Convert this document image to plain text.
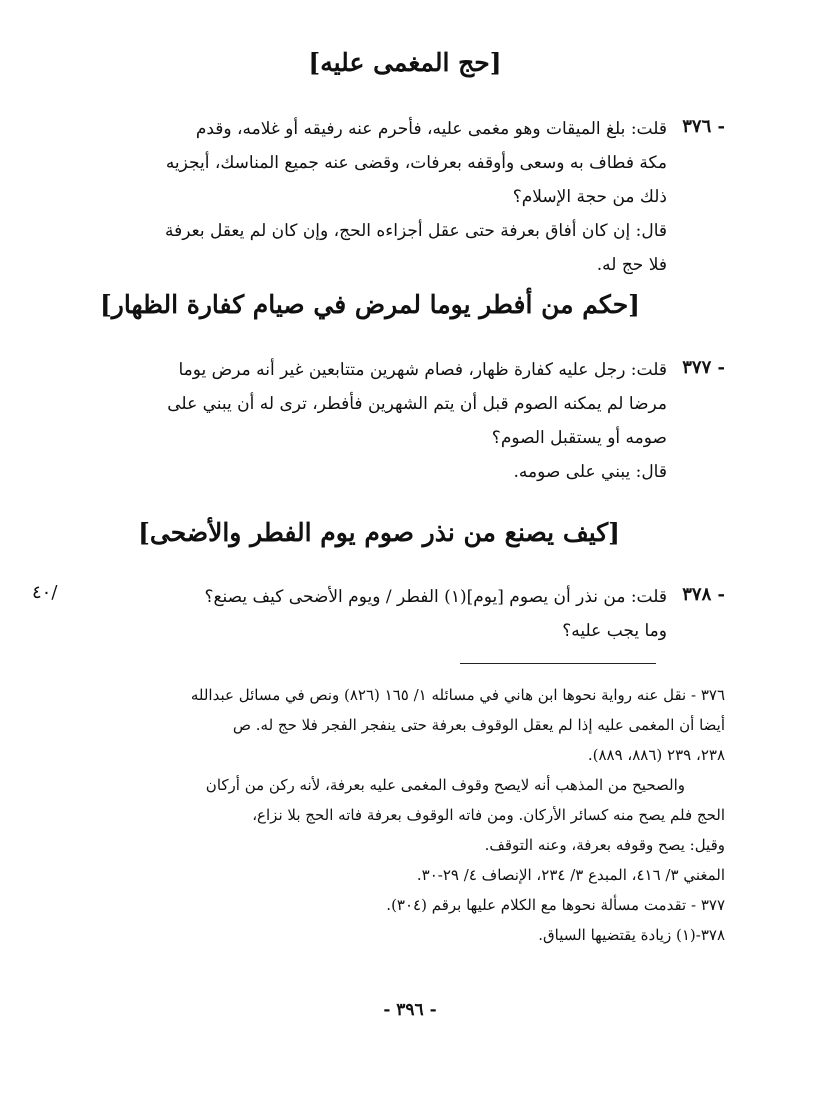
[حج المغمى عليه]
٣٧٦ -
قلت: بلغ الميقات وهو مغمى عليه، فأحرم عنه رفيقه أو غلامه، وقدم
مكة فطاف به وسعى وأوقفه بعرفات، وقضى عنه جميع المناسك، أيجزيه
ذلك من حجة الإسلام؟
قال: إن كان أفاق بعرفة حتى عقل أجزاءه الحج، وإن كان لم يعقل بعرفة
فلا حج له.
[حكم من أفطر يوما لمرض في صيام كفارة الظهار]
٣٧٧ -
قلت: رجل عليه كفارة ظهار، فصام شهرين متتابعين غير أنه مرض يوما
مرضا لم يمكنه الصوم قبل أن يتم الشهرين فأفطر، ترى له أن يبني على
صومه أو يستقبل الصوم؟
قال: يبني على صومه.
[كيف يصنع من نذر صوم يوم الفطر والأضحى]
٣٧٨ -
قلت: من نذر أن يصوم [يوم](١) الفطر / ويوم الأضحى كيف يصنع؟
وما يجب عليه؟
٤٠/
٣٧٦ - نقل عنه رواية نحوها ابن هاني في مسائله ١/ ١٦٥ (٨٢٦) ونص في مسائل عبدالله
أيضا أن المغمى عليه إذا لم يعقل الوقوف بعرفة حتى ينفجر الفجر فلا حج له. ص
٢٣٨، ٢٣٩ (٨٨٦، ٨٨٩).
والصحيح من المذهب أنه لايصح وقوف المغمى عليه بعرفة، لأنه ركن من أركان
الحج فلم يصح منه كسائر الأركان. ومن فاته الوقوف بعرفة فاته الحج بلا نزاع،
وقيل: يصح وقوفه بعرفة، وعنه التوقف.
المغني ٣/ ٤١٦، المبدع ٣/ ٢٣٤، الإنصاف ٤/ ٢٩-٣٠.
٣٧٧ - تقدمت مسألة نحوها مع الكلام عليها برقم (٣٠٤).
٣٧٨-(١) زيادة يقتضيها السياق.
- ٣٩٦ -
